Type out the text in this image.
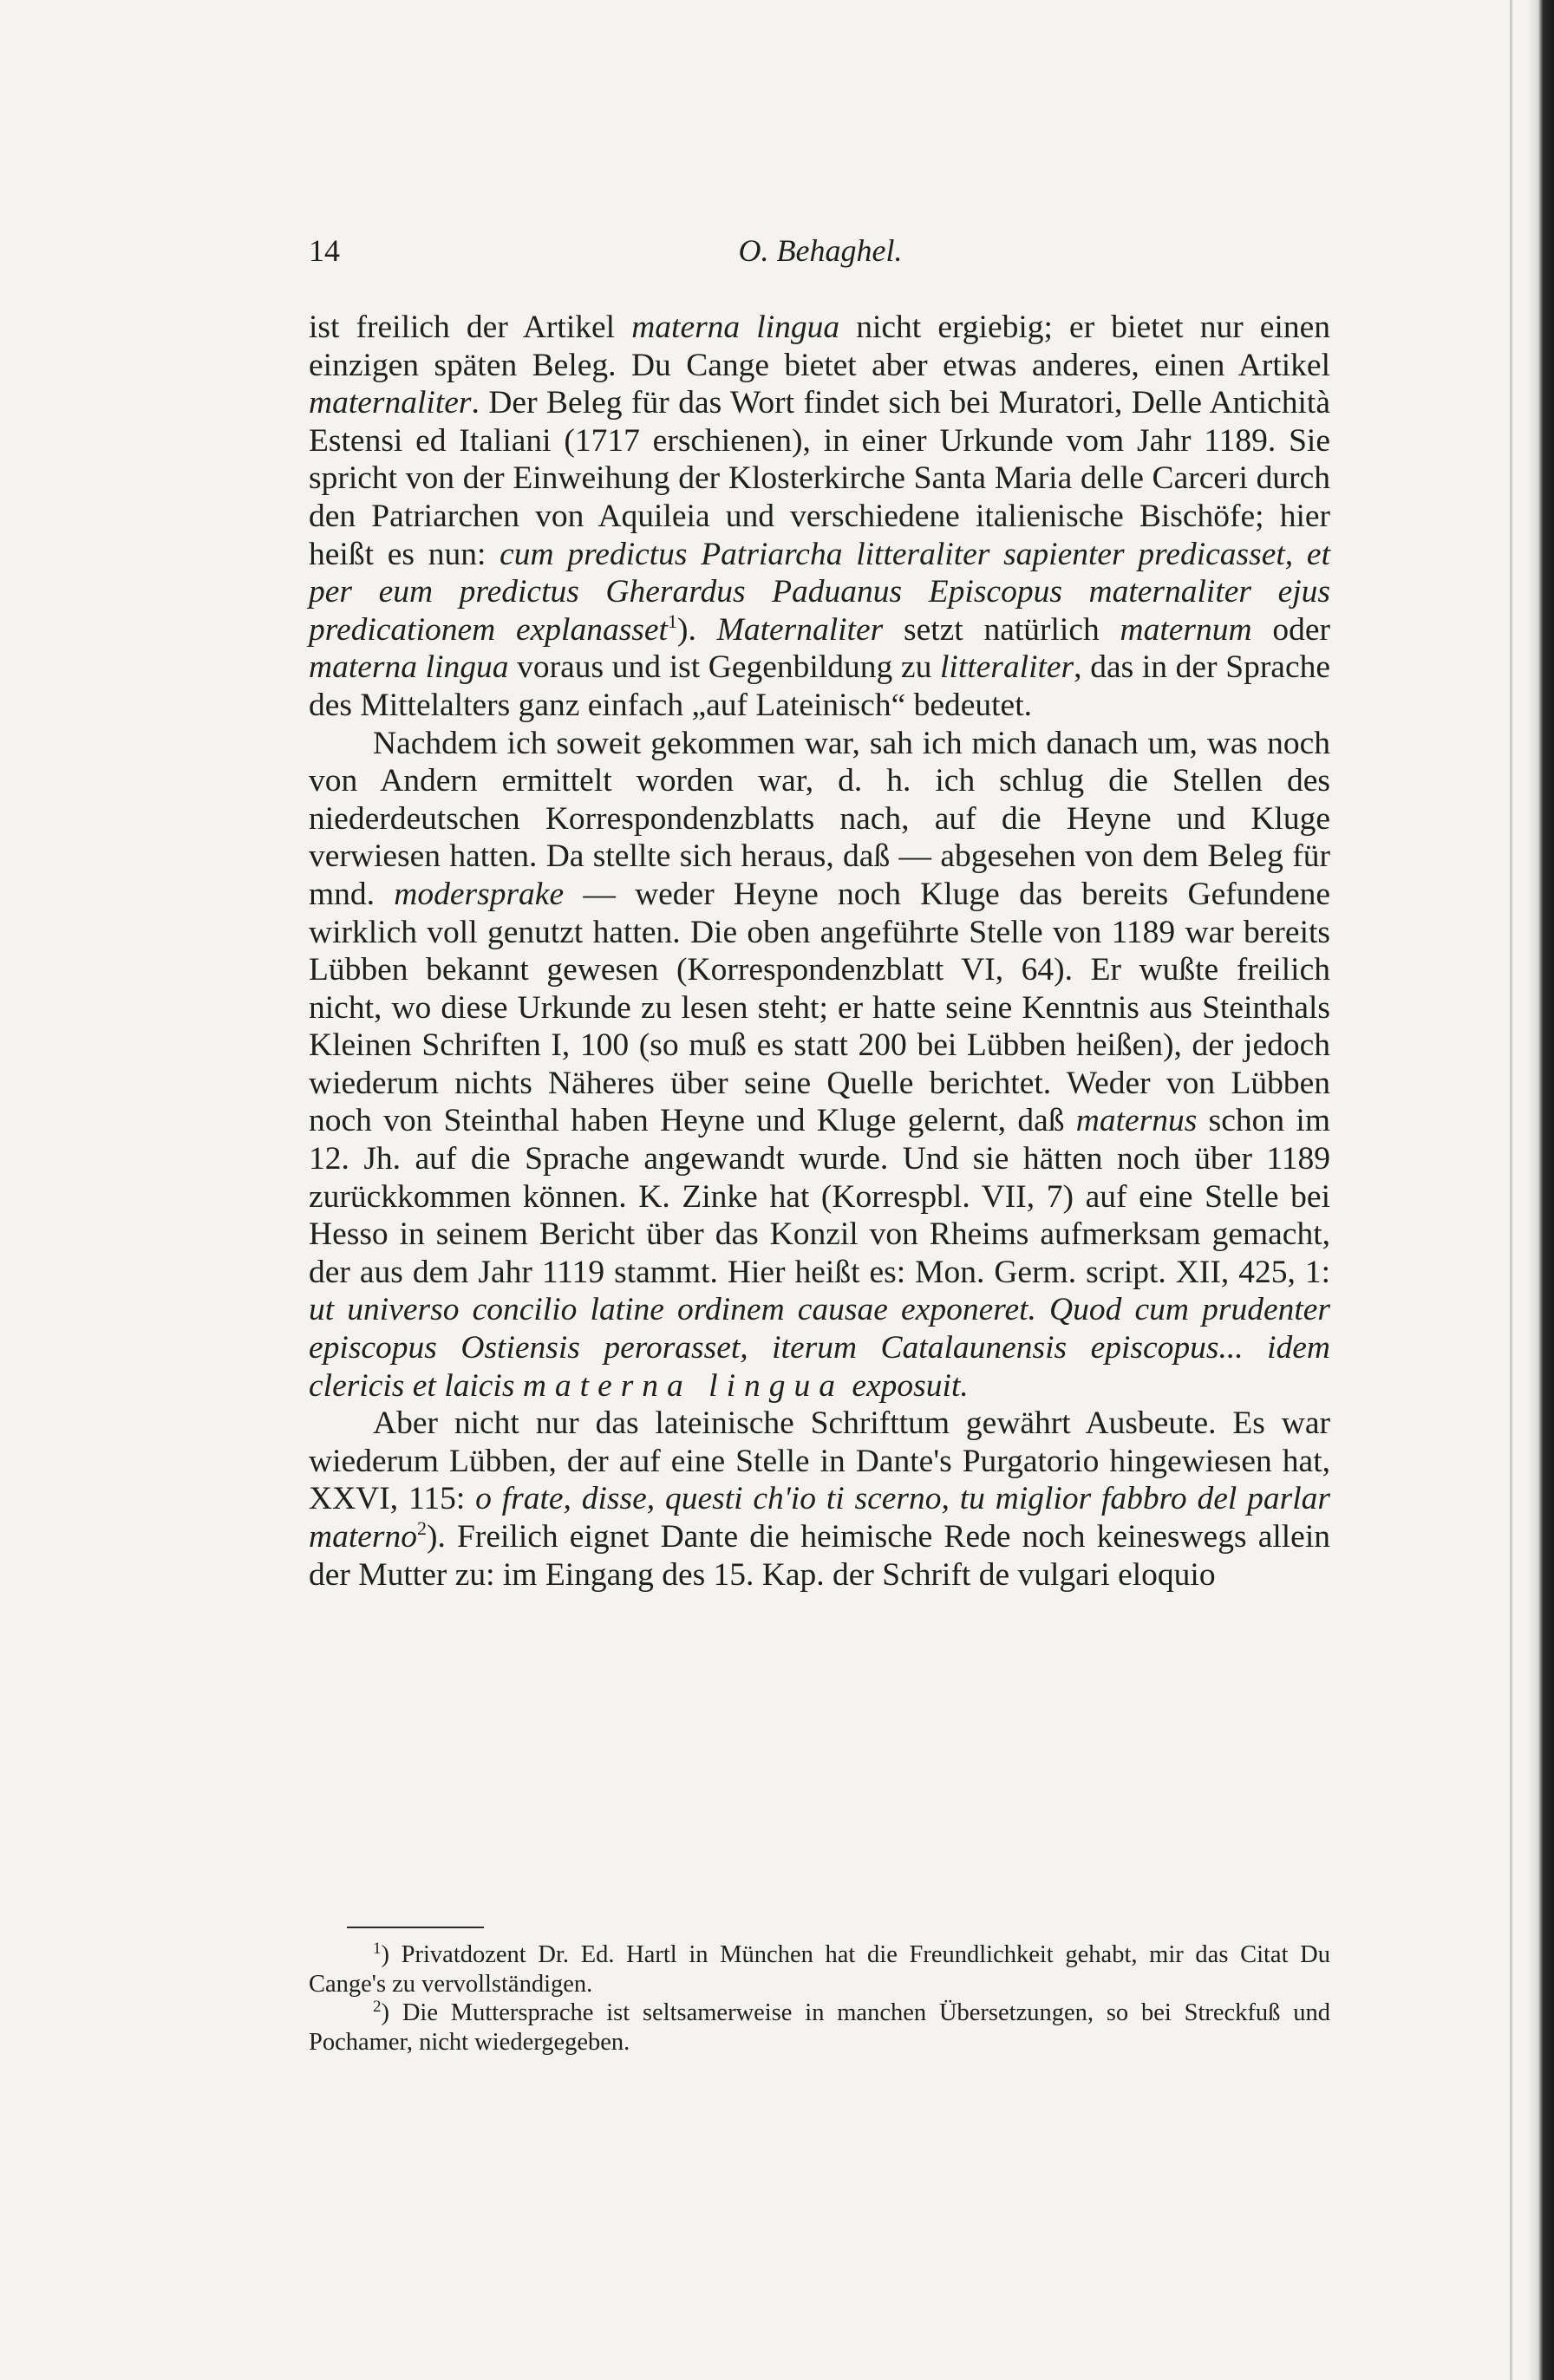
14	O. Behaghel.

ist freilich der Artikel materna lingua nicht ergiebig; er bietet nur einen einzigen späten Beleg. Du Cange bietet aber etwas anderes, einen Artikel maternaliter. Der Beleg für das Wort findet sich bei Muratori, Delle Antichità Estensi ed Italiani (1717 erschienen), in einer Urkunde vom Jahr 1189. Sie spricht von der Einweihung der Klosterkirche Santa Maria delle Carceri durch den Patriarchen von Aquileia und verschiedene italienische Bischöfe; hier heißt es nun: cum predictus Patriarcha litteraliter sapienter predicasset, et per eum predictus Gherardus Paduanus Episcopus maternaliter ejus predicationem explanasset$^1$). Maternaliter setzt natürlich maternum oder materna lingua voraus und ist Gegenbildung zu litteraliter, das in der Sprache des Mittelalters ganz einfach „auf Lateinisch“ bedeutet.

Nachdem ich soweit gekommen war, sah ich mich danach um, was noch von Andern ermittelt worden war, d. h. ich schlug die Stellen des niederdeutschen Korrespondenzblatts nach, auf die Heyne und Kluge verwiesen hatten. Da stellte sich heraus, daß — abgesehen von dem Beleg für mnd. modersprake — weder Heyne noch Kluge das bereits Gefundene wirklich voll genutzt hatten. Die oben angeführte Stelle von 1189 war bereits Lübben bekannt gewesen (Korrespondenzblatt VI, 64). Er wußte freilich nicht, wo diese Urkunde zu lesen steht; er hatte seine Kenntnis aus Steinthals Kleinen Schriften I, 100 (so muß es statt 200 bei Lübben heißen), der jedoch wiederum nichts Näheres über seine Quelle berichtet. Weder von Lübben noch von Steinthal haben Heyne und Kluge gelernt, daß maternus schon im 12. Jh. auf die Sprache angewandt wurde. Und sie hätten noch über 1189 zurückkommen können. K. Zinke hat (Korrespbl. VII, 7) auf eine Stelle bei Hesso in seinem Bericht über das Konzil von Rheims aufmerksam gemacht, der aus dem Jahr 1119 stammt. Hier heißt es: Mon. Germ. script. XII, 425, 1: ut universo concilio latine ordinem causae exponeret. Quod cum prudenter episcopus Ostiensis perorasset, iterum Catalaunensis episcopus... idem clericis et laicis materna lingua exposuit.

Aber nicht nur das lateinische Schrifttum gewährt Ausbeute. Es war wiederum Lübben, der auf eine Stelle in Dante's Purgatorio hingewiesen hat, XXVI, 115: o frate, disse, questi ch'io ti scerno, tu miglior fabbro del parlar materno$^2$). Freilich eignet Dante die heimische Rede noch keineswegs allein der Mutter zu: im Eingang des 15. Kap. der Schrift de vulgari eloquio

$^1$) Privatdozent Dr. Ed. Hartl in München hat die Freundlichkeit gehabt, mir das Citat Du Cange's zu vervollständigen.

$^2$) Die Muttersprache ist seltsamerweise in manchen Übersetzungen, so bei Streckfuß und Pochamer, nicht wiedergegeben.
